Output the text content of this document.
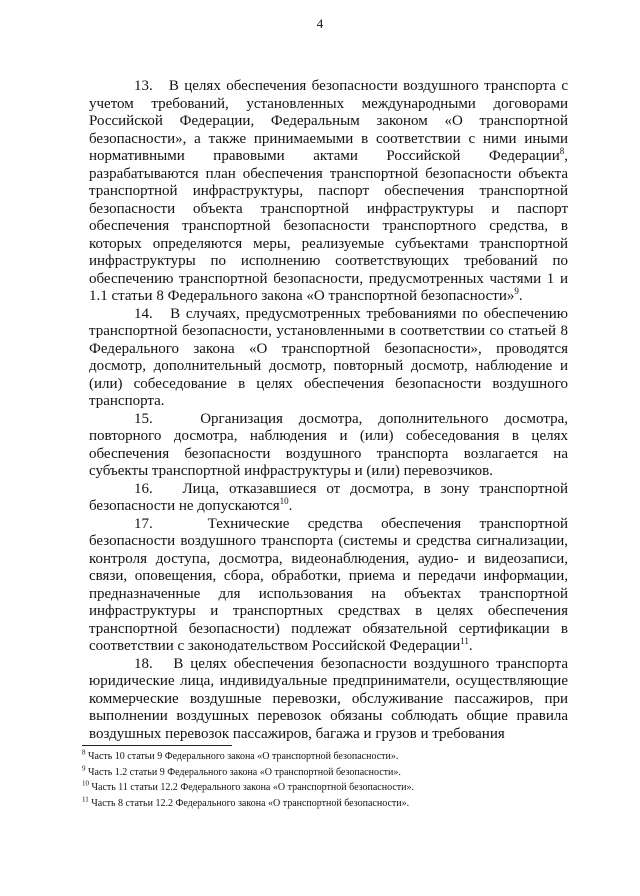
4

13.   В целях обеспечения безопасности воздушного транспорта с учетом требований, установленных международными договорами Российской Федерации, Федеральным законом «О транспортной безопасности», а также принимаемыми в соответствии с ними иными нормативными правовыми актами Российской Федерации$^8$, разрабатываются план обеспечения транспортной безопасности объекта транспортной инфраструктуры, паспорт обеспечения транспортной безопасности объекта транспортной инфраструктуры и паспорт обеспечения транспортной безопасности транспортного средства, в которых определяются меры, реализуемые субъектами транспортной инфраструктуры по исполнению соответствующих требований по обеспечению транспортной безопасности, предусмотренных частями 1 и 1.1 статьи 8 Федерального закона «О транспортной безопасности»$^9$.

14.   В случаях, предусмотренных требованиями по обеспечению транспортной безопасности, установленными в соответствии со статьей 8 Федерального закона «О транспортной безопасности», проводятся досмотр, дополнительный досмотр, повторный досмотр, наблюдение и (или) собеседование в целях обеспечения безопасности воздушного транспорта.

15.   Организация досмотра, дополнительного досмотра, повторного досмотра, наблюдения и (или) собеседования в целях обеспечения безопасности воздушного транспорта возлагается на субъекты транспортной инфраструктуры и (или) перевозчиков.

16.   Лица, отказавшиеся от досмотра, в зону транспортной безопасности не допускаются$^{10}$.

17.   Технические средства обеспечения транспортной безопасности воздушного транспорта (системы и средства сигнализации, контроля доступа, досмотра, видеонаблюдения, аудио- и видеозаписи, связи, оповещения, сбора, обработки, приема и передачи информации, предназначенные для использования на объектах транспортной инфраструктуры и транспортных средствах в целях обеспечения транспортной безопасности) подлежат обязательной сертификации в соответствии с законодательством Российской Федерации$^{11}$.

18.   В целях обеспечения безопасности воздушного транспорта юридические лица, индивидуальные предприниматели, осуществляющие коммерческие воздушные перевозки, обслуживание пассажиров, при выполнении воздушных перевозок обязаны соблюдать общие правила воздушных перевозок пассажиров, багажа и грузов и требования

$^8$ Часть 10 статьи 9 Федерального закона «О транспортной безопасности».

$^9$ Часть 1.2 статьи 9 Федерального закона «О транспортной безопасности».

$^{10}$ Часть 11 статьи 12.2 Федерального закона «О транспортной безопасности».

$^{11}$ Часть 8 статьи 12.2 Федерального закона «О транспортной безопасности».
